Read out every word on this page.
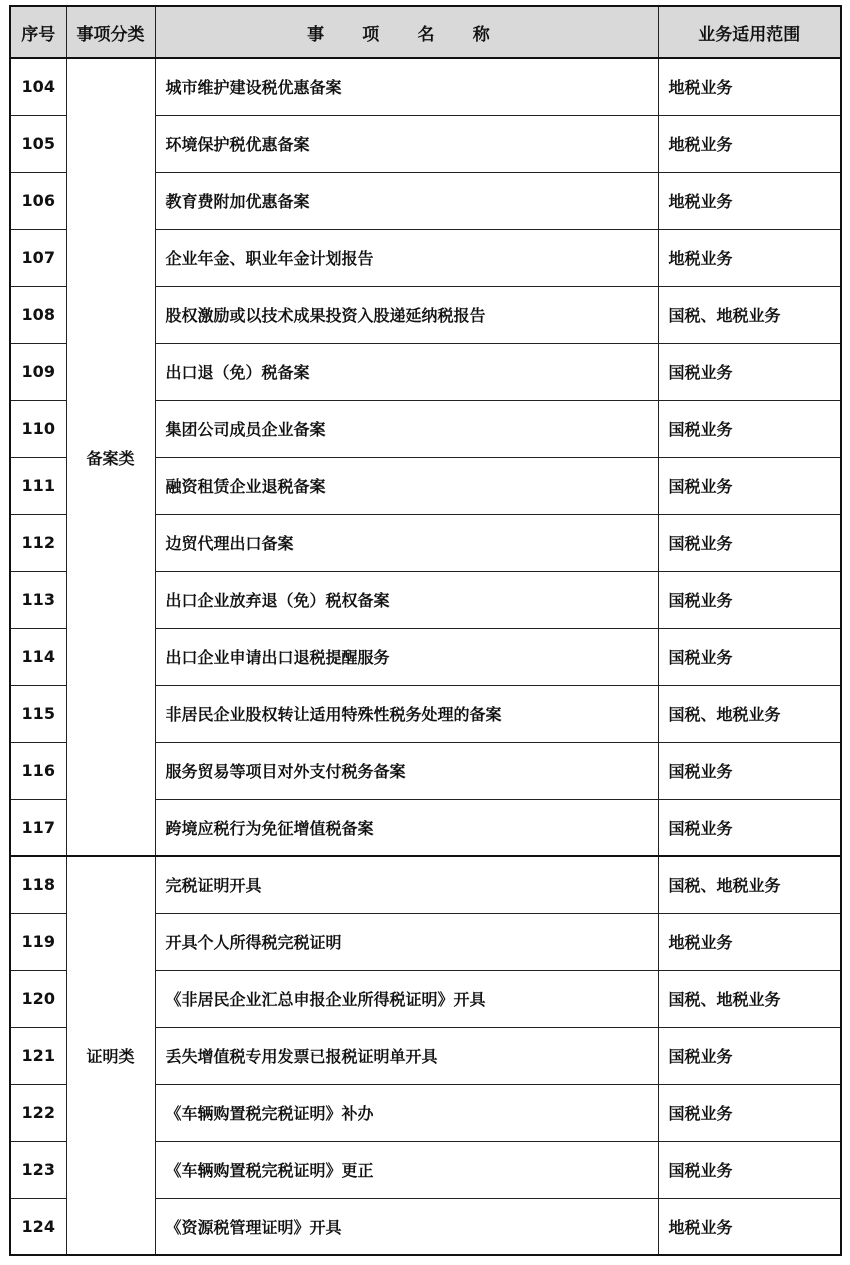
序号	事项分类	事 项 名 称	业务适用范围
104	备案类	城市维护建设税优惠备案	地税业务
105		环境保护税优惠备案	地税业务
106		教育费附加优惠备案	地税业务
107		企业年金、职业年金计划报告	地税业务
108		股权激励或以技术成果投资入股递延纳税报告	国税、地税业务
109		出口退（免）税备案	国税业务
110		集团公司成员企业备案	国税业务
111		融资租赁企业退税备案	国税业务
112		边贸代理出口备案	国税业务
113		出口企业放弃退（免）税权备案	国税业务
114		出口企业申请出口退税提醒服务	国税业务
115		非居民企业股权转让适用特殊性税务处理的备案	国税、地税业务
116		服务贸易等项目对外支付税务备案	国税业务
117		跨境应税行为免征增值税备案	国税业务
118	证明类	完税证明开具	国税、地税业务
119		开具个人所得税完税证明	地税业务
120		《非居民企业汇总申报企业所得税证明》开具	国税、地税业务
121		丢失增值税专用发票已报税证明单开具	国税业务
122		《车辆购置税完税证明》补办	国税业务
123		《车辆购置税完税证明》更正	国税业务
124		《资源税管理证明》开具	地税业务
